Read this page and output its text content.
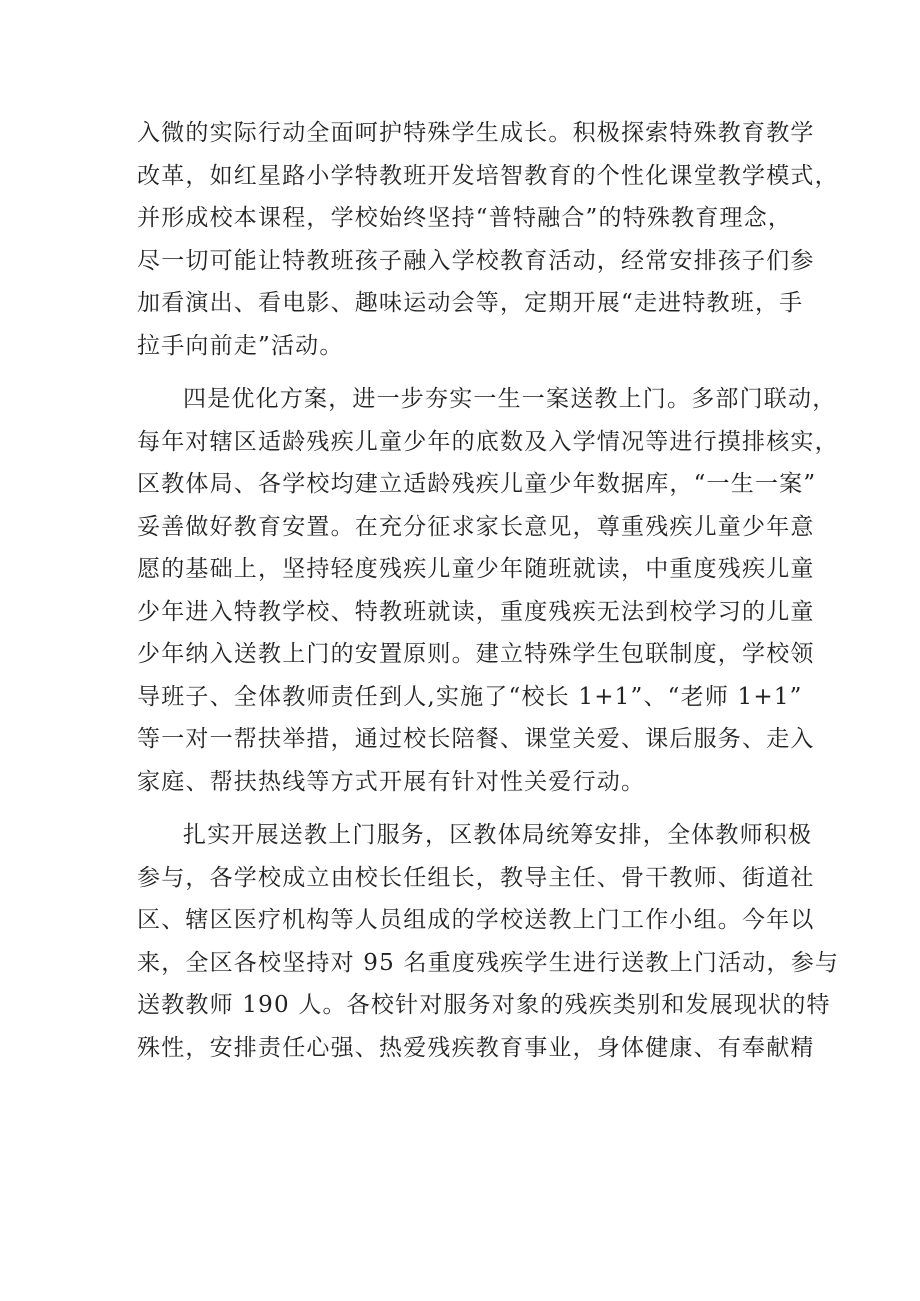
入微的实际行动全面呵护特殊学生成长。积极探索特殊教育教学
改革，如红星路小学特教班开发培智教育的个性化课堂教学模式，
并形成校本课程，学校始终坚持“普特融合”的特殊教育理念，
尽一切可能让特教班孩子融入学校教育活动，经常安排孩子们参
加看演出、看电影、趣味运动会等，定期开展“走进特教班，手
拉手向前走”活动。

四是优化方案，进一步夯实一生一案送教上门。多部门联动，
每年对辖区适龄残疾儿童少年的底数及入学情况等进行摸排核实，
区教体局、各学校均建立适龄残疾儿童少年数据库，“一生一案”
妥善做好教育安置。在充分征求家长意见，尊重残疾儿童少年意
愿的基础上，坚持轻度残疾儿童少年随班就读，中重度残疾儿童
少年进入特教学校、特教班就读，重度残疾无法到校学习的儿童
少年纳入送教上门的安置原则。建立特殊学生包联制度，学校领
导班子、全体教师责任到人,实施了“校长 1+1”、“老师 1+1”
等一对一帮扶举措，通过校长陪餐、课堂关爱、课后服务、走入
家庭、帮扶热线等方式开展有针对性关爱行动。

扎实开展送教上门服务，区教体局统筹安排，全体教师积极
参与，各学校成立由校长任组长，教导主任、骨干教师、街道社
区、辖区医疗机构等人员组成的学校送教上门工作小组。今年以
来，全区各校坚持对 95 名重度残疾学生进行送教上门活动，参与
送教教师 190 人。各校针对服务对象的残疾类别和发展现状的特
殊性，安排责任心强、热爱残疾教育事业，身体健康、有奉献精
